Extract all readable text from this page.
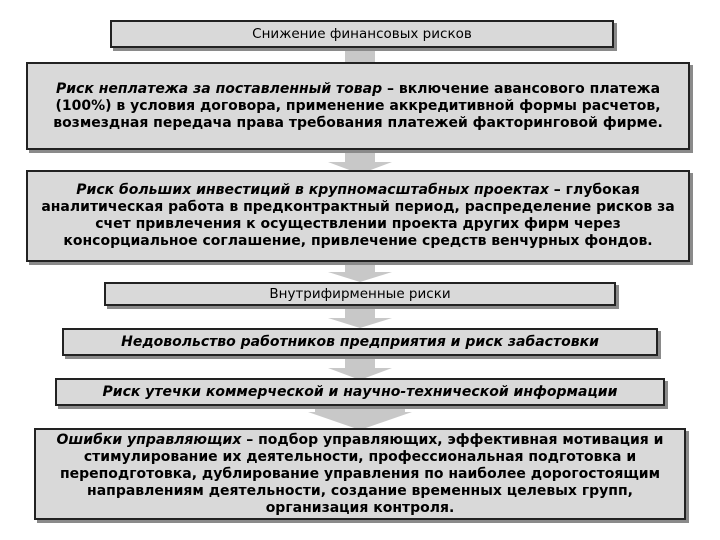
Снижение финансовых рисков
Риск неплатежа за поставленный товар – включение авансового платежа (100%) в условия договора, применение аккредитивной формы расчетов, возмездная передача права требования платежей факторинговой фирме.
Риск больших инвестиций в крупномасштабных проектах – глубокая аналитическая работа в предконтрактный период, распределение рисков за счет привлечения к осуществлении проекта других фирм через консорциальное соглашение, привлечение средств венчурных фондов.
Внутрифирменные риски
Недовольство работников предприятия и риск забастовки
Риск утечки коммерческой и научно-технической информации
Ошибки управляющих – подбор управляющих, эффективная мотивация и стимулирование их деятельности, профессиональная подготовка и переподготовка, дублирование управления по наиболее дорогостоящим направлениям деятельности, создание временных целевых групп, организация контроля.
